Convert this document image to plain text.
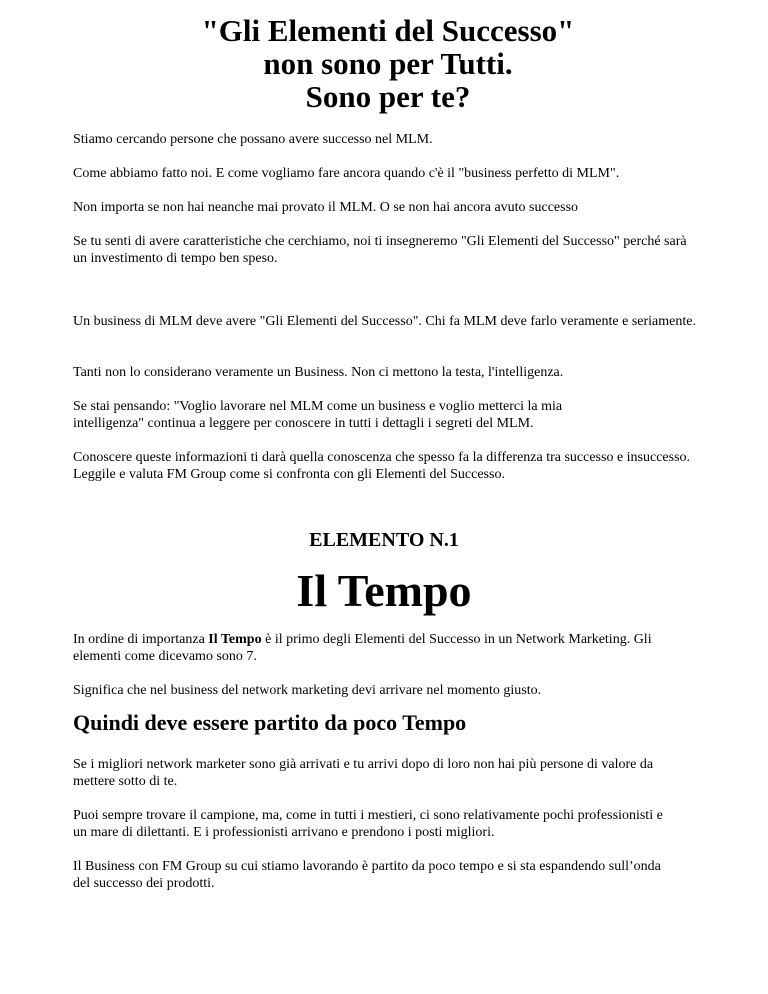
"Gli Elementi del Successo"
non sono per Tutti.
Sono per te?

Stiamo cercando persone che possano avere successo nel MLM.

Come abbiamo fatto noi. E come vogliamo fare ancora quando c'è il "business perfetto di MLM".

Non importa se non hai neanche mai provato il MLM. O se non hai ancora avuto successo

Se tu senti di avere caratteristiche che cerchiamo, noi ti insegneremo "Gli Elementi del Successo" perché sarà un investimento di tempo ben speso.

Un business di MLM deve avere "Gli Elementi del Successo". Chi fa MLM deve farlo veramente e seriamente.

Tanti non lo considerano veramente un Business. Non ci mettono la testa, l'intelligenza.

Se stai pensando: "Voglio lavorare nel MLM come un business e voglio metterci la mia intelligenza" continua a leggere per conoscere in tutti i dettagli i segreti del MLM.

Conoscere queste informazioni ti darà quella conoscenza che spesso fa la differenza tra successo e insuccesso. Leggile e valuta FM Group come si confronta con gli Elementi del Successo.

ELEMENTO N.1
Il Tempo

In ordine di importanza Il Tempo è il primo degli Elementi del Successo in un Network Marketing. Gli elementi come dicevamo sono 7.

Significa che nel business del network marketing devi arrivare nel momento giusto.

Quindi deve essere partito da poco Tempo

Se i migliori network marketer sono già arrivati e tu arrivi dopo di loro non hai più persone di valore da mettere sotto di te.

Puoi sempre trovare il campione, ma, come in tutti i mestieri, ci sono relativamente pochi professionisti e un mare di dilettanti. E i professionisti arrivano e prendono i posti migliori.

Il Business con FM Group su cui stiamo lavorando è partito da poco tempo e si sta espandendo sull’onda del successo dei prodotti.
